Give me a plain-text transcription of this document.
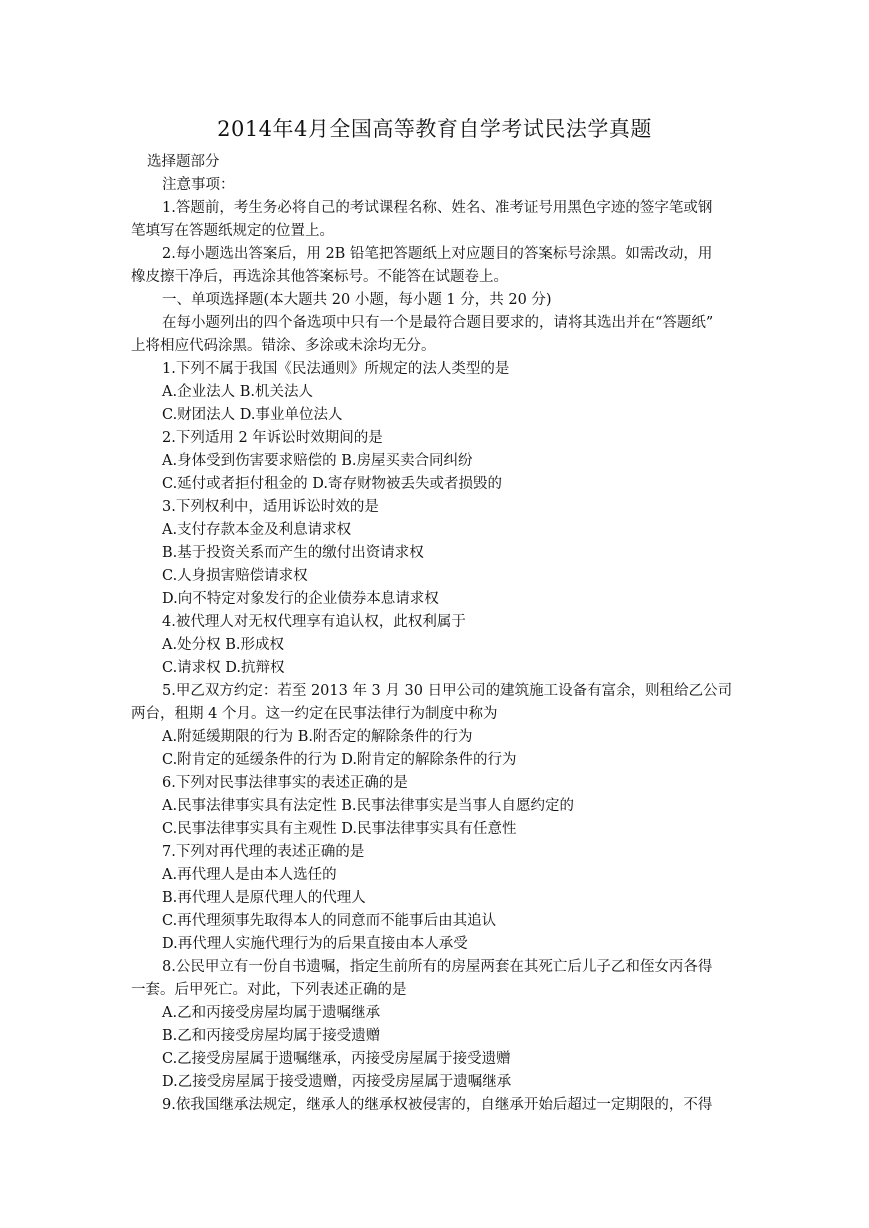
2014年4月全国高等教育自学考试民法学真题
选择题部分
注意事项：
1.答题前，考生务必将自己的考试课程名称、姓名、准考证号用黑色字迹的签字笔或钢
笔填写在答题纸规定的位置上。
2.每小题选出答案后，用 2B 铅笔把答题纸上对应题目的答案标号涂黑。如需改动，用
橡皮擦干净后，再选涂其他答案标号。不能答在试题卷上。
一、单项选择题(本大题共 20 小题，每小题 1 分，共 20 分)
在每小题列出的四个备选项中只有一个是最符合题目要求的，请将其选出并在“答题纸”
上将相应代码涂黑。错涂、多涂或未涂均无分。
1.下列不属于我国《民法通则》所规定的法人类型的是
A.企业法人 B.机关法人
C.财团法人 D.事业单位法人
2.下列适用 2 年诉讼时效期间的是
A.身体受到伤害要求赔偿的 B.房屋买卖合同纠纷
C.延付或者拒付租金的 D.寄存财物被丢失或者损毁的
3.下列权利中，适用诉讼时效的是
A.支付存款本金及利息请求权
B.基于投资关系而产生的缴付出资请求权
C.人身损害赔偿请求权
D.向不特定对象发行的企业债券本息请求权
4.被代理人对无权代理享有追认权，此权利属于
A.处分权 B.形成权
C.请求权 D.抗辩权
5.甲乙双方约定：若至 2013 年 3 月 30 日甲公司的建筑施工设备有富余，则租给乙公司
两台，租期 4 个月。这一约定在民事法律行为制度中称为
A.附延缓期限的行为 B.附否定的解除条件的行为
C.附肯定的延缓条件的行为 D.附肯定的解除条件的行为
6.下列对民事法律事实的表述正确的是
A.民事法律事实具有法定性 B.民事法律事实是当事人自愿约定的
C.民事法律事实具有主观性 D.民事法律事实具有任意性
7.下列对再代理的表述正确的是
A.再代理人是由本人选任的
B.再代理人是原代理人的代理人
C.再代理须事先取得本人的同意而不能事后由其追认
D.再代理人实施代理行为的后果直接由本人承受
8.公民甲立有一份自书遗嘱，指定生前所有的房屋两套在其死亡后儿子乙和侄女丙各得
一套。后甲死亡。对此，下列表述正确的是
A.乙和丙接受房屋均属于遗嘱继承
B.乙和丙接受房屋均属于接受遗赠
C.乙接受房屋属于遗嘱继承，丙接受房屋属于接受遗赠
D.乙接受房屋属于接受遗赠，丙接受房屋属于遗嘱继承
9.依我国继承法规定，继承人的继承权被侵害的，自继承开始后超过一定期限的，不得
